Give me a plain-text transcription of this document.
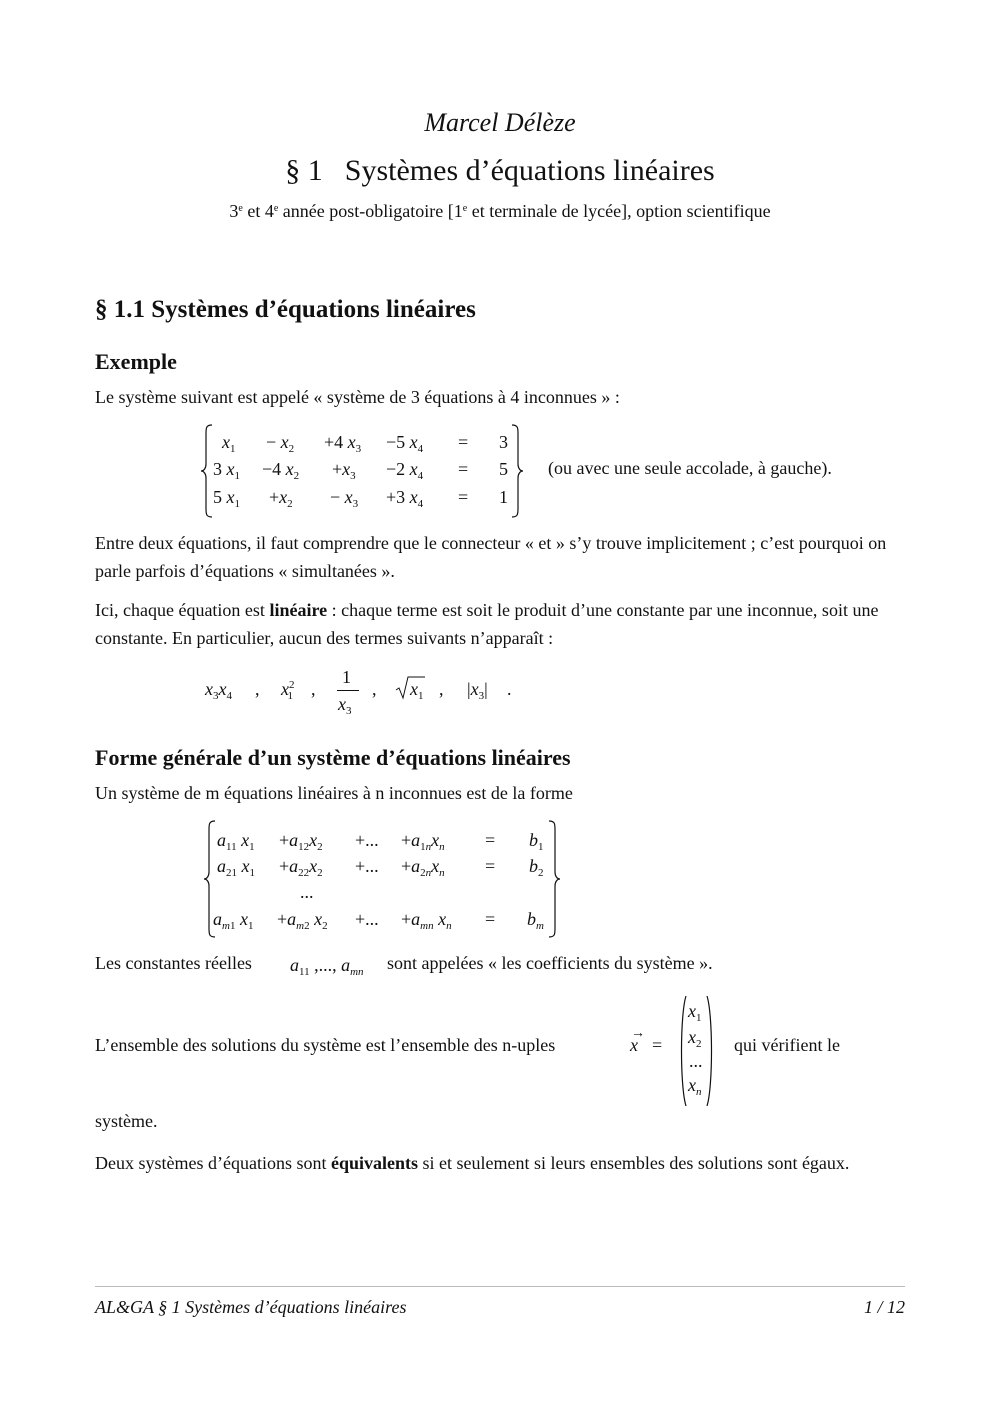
Marcel Délèze
§ 1 Systèmes d’équations linéaires
3e et 4e année post-obligatoire [1e et terminale de lycée], option scientifique
§ 1.1 Systèmes d’équations linéaires
Exemple
Le système suivant est appelé « système de 3 équations à 4 inconnues » :
$x_1 - x_2 +4$ $x_3 -5$ $x_4 = 3$
3 $x_1 -4$ $x_2 +x_3 -2$ $x_4 = 5$
5 $x_1 +x_2 - x_3 +3$ $x_4 = 1$
(ou avec une seule accolade, à gauche).
Entre deux équations, il faut comprendre que le connecteur « et » s’y trouve implicitement ; c’est pourquoi on parle parfois d’équations « simultanées ».
Ici, chaque équation est linéaire : chaque terme est soit le produit d’une constante par une inconnue, soit une constante. En particulier, aucun des termes suivants n’apparaît :
$x_3x_4$ , $x^2_1$ ,
1
$x_3$
, $x_1$ , $|x_3|$ .
Forme générale d’un système d’équations linéaires
Un système de m équations linéaires à n inconnues est de la forme
$a_{11}$ $x_1 +a_{12}x_2$ +... $+a_{1n}x_n = b_1$
$a_{21}$ $x_1 +a_{22}x_2$ +... $+a_{2n}x_n = b_2$
...
$a_{m1}$ $x_1 +a_{m2}$ $x_2$ +... $+a_{mn}$ $x_n = b_m$
Les constantes réelles $a_{11}$ ,..., $a_{mn}$ sont appelées « les coefficients du système ».
L’ensemble des solutions du système est l’ensemble des n-uples	x
→
=
$x_1$
$x_2$
...
$x_n$
qui vérifient le
système.
Deux systèmes d’équations sont équivalents si et seulement si leurs ensembles des solutions sont égaux.
AL&GA § 1 Systèmes d’équations linéaires	1 / 12
